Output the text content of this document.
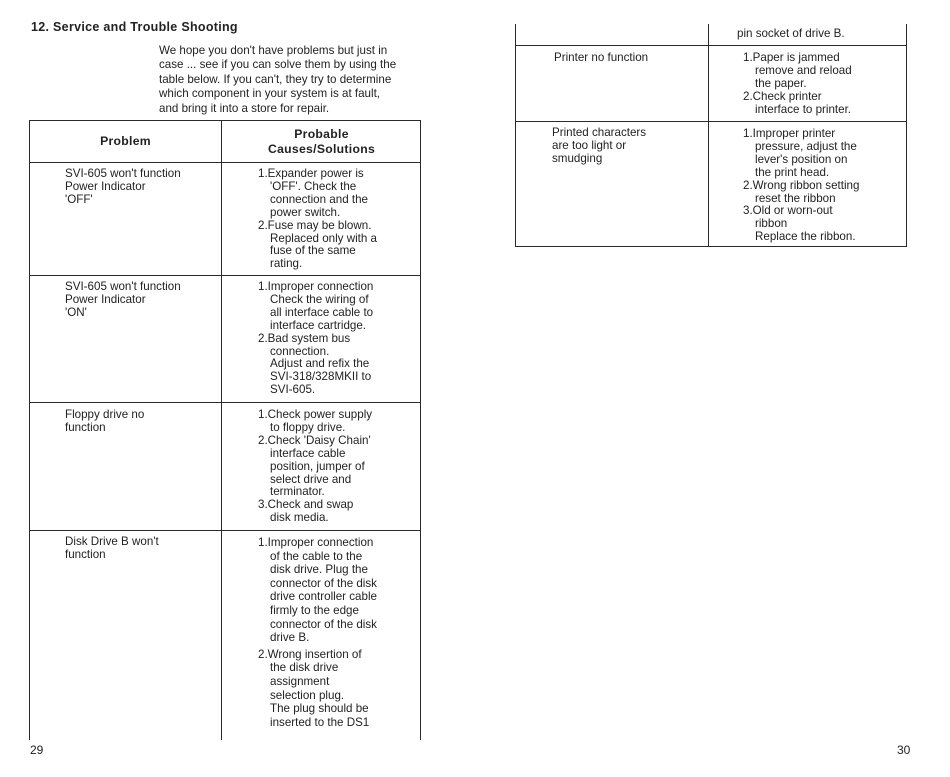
12. Service and Trouble Shooting
We hope you don't have problems but just in
case ... see if you can solve them by using the
table below. If you can't, they try to determine
which component in your system is at fault,
and bring it into a store for repair.
Problem	Probable
Causes/Solutions
SVI-605 won't function
Power Indicator
'OFF'
1.Expander power is
'OFF'. Check the
connection and the
power switch.
2.Fuse may be blown.
Replaced only with a
fuse of the same
rating.
SVI-605 won't function
Power Indicator
'ON'
1.Improper connection
Check the wiring of
all interface cable to
interface cartridge.
2.Bad system bus
connection.
Adjust and refix the
SVI-318/328MKII to
SVI-605.
Floppy drive no
function
1.Check power supply
to floppy drive.
2.Check 'Daisy Chain'
interface cable
position, jumper of
select drive and
terminator.
3.Check and swap
disk media.
Disk Drive B won't
function
1.Improper connection
of the cable to the
disk drive. Plug the
connector of the disk
drive controller cable
firmly to the edge
connector of the disk
drive B.
2.Wrong insertion of
the disk drive
assignment
selection plug.
The plug should be
inserted to the DS1
29
pin socket of drive B.
Printer no function	1.Paper is jammed
remove and reload
the paper.
2.Check printer
interface to printer.
Printed characters
are too light or
smudging
1.Improper printer
pressure, adjust the
lever's position on
the print head.
2.Wrong ribbon setting
reset the ribbon
3.Old or worn-out
ribbon
Replace the ribbon.
30
